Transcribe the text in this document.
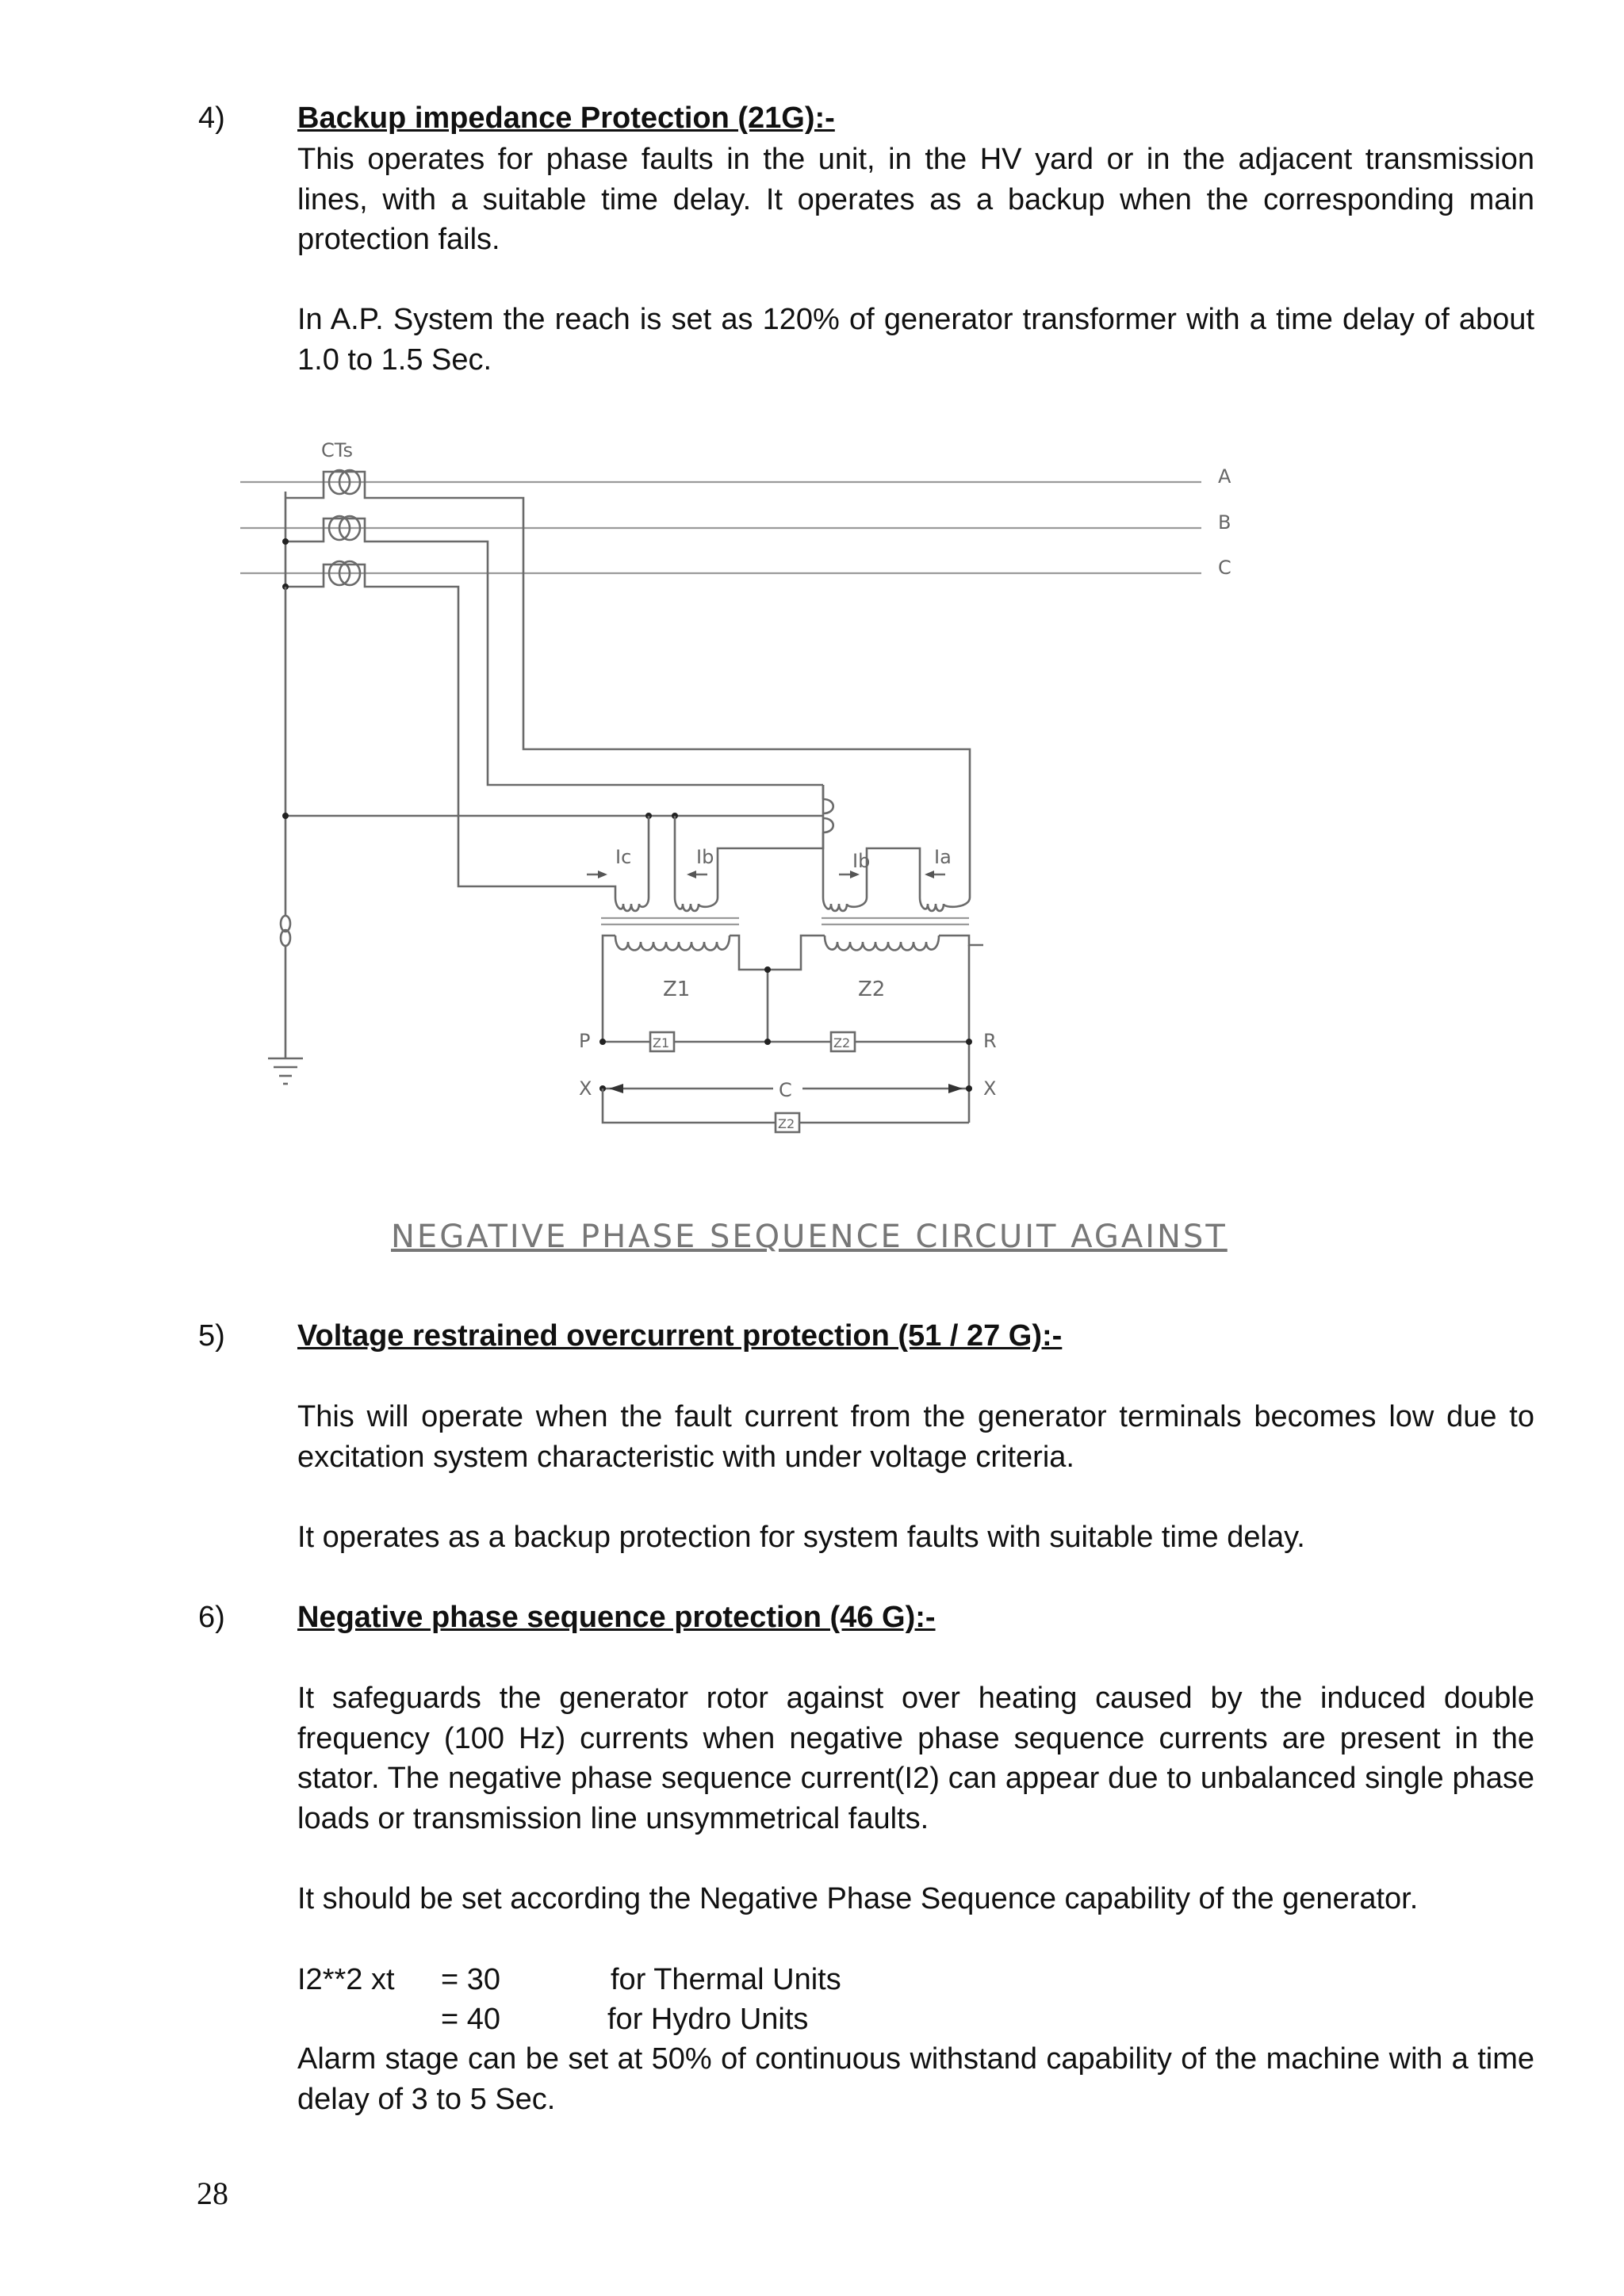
4) Backup impedance Protection (21G):-
This operates for phase faults in the unit, in the HV yard or in the adjacent transmission lines, with a suitable time delay. It operates as a backup when the corresponding main protection fails.
In A.P. System the reach is set as 120% of generator transformer with a time delay of about 1.0 to 1.5 Sec.
CTs
Ic	Ib
Z1
Ib	Ia
Z2
Z1	Z2
P	R
X	X
C
Z2
A
B
C
NEGATIVE PHASE SEQUENCE CIRCUIT AGAINST
5) Voltage restrained overcurrent protection (51 / 27 G):-
This will operate when the fault current from the generator terminals becomes low due to excitation system characteristic with under voltage criteria.
It operates as a backup protection for system faults with suitable time delay.
6) Negative phase sequence protection (46 G):-
It safeguards the generator rotor against over heating caused by the induced double frequency (100 Hz) currents when negative phase sequence currents are present in the stator. The negative phase sequence current(I2) can appear due to unbalanced single phase loads or transmission line unsymmetrical faults.
It should be set according the Negative Phase Sequence capability of the generator.
I2**2 xt = 30	for Thermal Units
= 40	for Hydro Units
Alarm stage can be set at 50% of continuous withstand capability of the machine with a time delay of 3 to 5 Sec.
28
